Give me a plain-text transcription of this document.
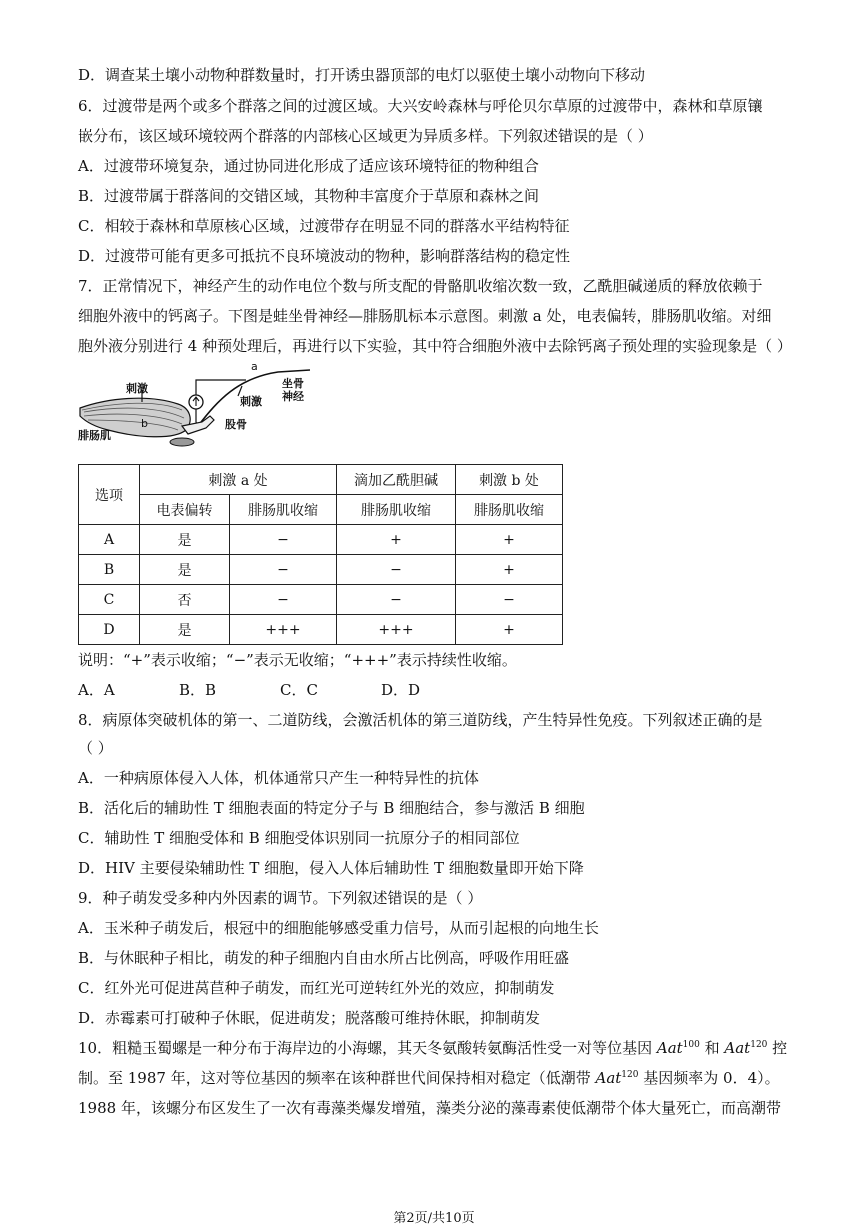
D．调查某土壤小动物种群数量时，打开诱虫器顶部的电灯以驱使土壤小动物向下移动
6．过渡带是两个或多个群落之间的过渡区域。大兴安岭森林与呼伦贝尔草原的过渡带中，森林和草原镶
嵌分布，该区域环境较两个群落的内部核心区域更为异质多样。下列叙述错误的是（ ）
A．过渡带环境复杂，通过协同进化形成了适应该环境特征的物种组合
B．过渡带属于群落间的交错区域，其物种丰富度介于草原和森林之间
C．相较于森林和草原核心区域，过渡带存在明显不同的群落水平结构特征
D．过渡带可能有更多可抵抗不良环境波动的物种，影响群落结构的稳定性
7．正常情况下，神经产生的动作电位个数与所支配的骨骼肌收缩次数一致，乙酰胆碱递质的释放依赖于
细胞外液中的钙离子。下图是蛙坐骨神经—腓肠肌标本示意图。刺激 a 处，电表偏转，腓肠肌收缩。对细
胞外液分别进行 4 种预处理后，再进行以下实验，其中符合细胞外液中去除钙离子预处理的实验现象是（ ）
刺激
b
a
坐骨
神经
刺激
股骨
腓肠肌
选项	刺激 a 处		滴加乙酰胆碱	刺激 b 处
	电表偏转	腓肠肌收缩	腓肠肌收缩	腓肠肌收缩
A	是	−	+	+
B	是	−	−	+
C	否	−	−	−
D	是	+++	+++	+
说明：“+”表示收缩；“−”表示无收缩；“+++”表示持续性收缩。
A．A	B．B	C．C	D．D
8．病原体突破机体的第一、二道防线，会激活机体的第三道防线，产生特异性免疫。下列叙述正确的是
（ ）
A．一种病原体侵入人体，机体通常只产生一种特异性的抗体
B．活化后的辅助性 T 细胞表面的特定分子与 B 细胞结合，参与激活 B 细胞
C．辅助性 T 细胞受体和 B 细胞受体识别同一抗原分子的相同部位
D．HIV 主要侵染辅助性 T 细胞，侵入人体后辅助性 T 细胞数量即开始下降
9．种子萌发受多种内外因素的调节。下列叙述错误的是（ ）
A．玉米种子萌发后，根冠中的细胞能够感受重力信号，从而引起根的向地生长
B．与休眠种子相比，萌发的种子细胞内自由水所占比例高，呼吸作用旺盛
C．红外光可促进莴苣种子萌发，而红光可逆转红外光的效应，抑制萌发
D．赤霉素可打破种子休眠，促进萌发；脱落酸可维持休眠，抑制萌发
10．粗糙玉蜀螺是一种分布于海岸边的小海螺，其天冬氨酸转氨酶活性受一对等位基因 Aat$^{100}$ 和 Aat$^{120}$ 控
制。至 1987 年，这对等位基因的频率在该种群世代间保持相对稳定（低潮带 Aat$^{120}$ 基因频率为 0．4）。
1988 年，该螺分布区发生了一次有毒藻类爆发增殖，藻类分泌的藻毒素使低潮带个体大量死亡，而高潮带
第2页/共10页
